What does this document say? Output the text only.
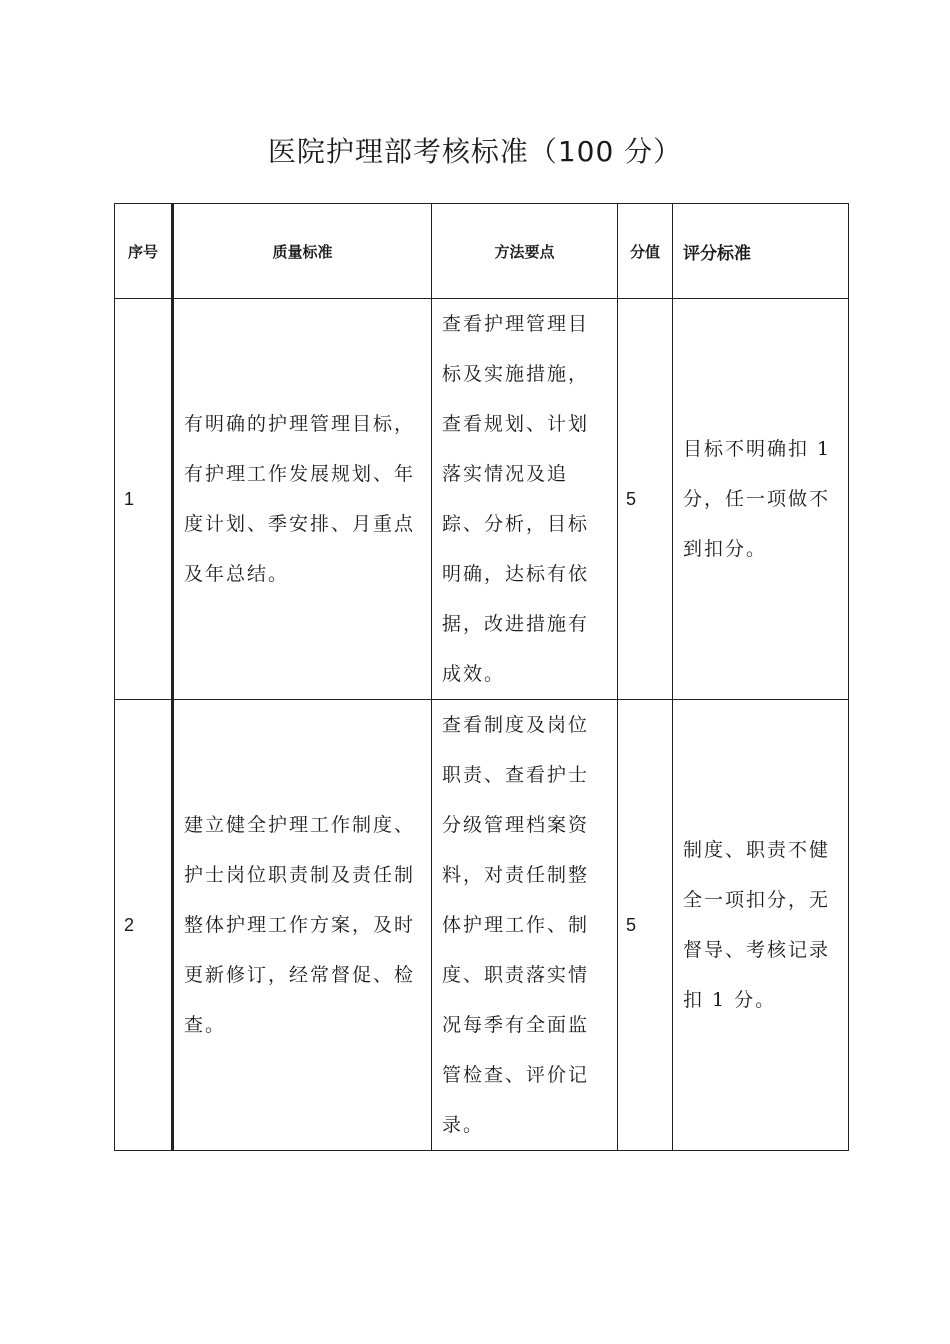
医院护理部考核标准（100 分）
序号	质量标准	方法要点	分值	评分标准
1	有明确的护理管理目标，有护理工作发展规划、年度计划、季安排、月重点及年总结。	查看护理管理目标及实施措施，查看规划、计划落实情况及追踪、分析，目标明确，达标有依据，改进措施有成效。	5	目标不明确扣 1 分，任一项做不到扣分。
2	建立健全护理工作制度、护士岗位职责制及责任制整体护理工作方案，及时更新修订，经常督促、检查。	查看制度及岗位职责、查看护士分级管理档案资料，对责任制整体护理工作、制度、职责落实情况每季有全面监管检查、评价记录。	5	制度、职责不健全一项扣分，无督导、考核记录扣 1 分。
